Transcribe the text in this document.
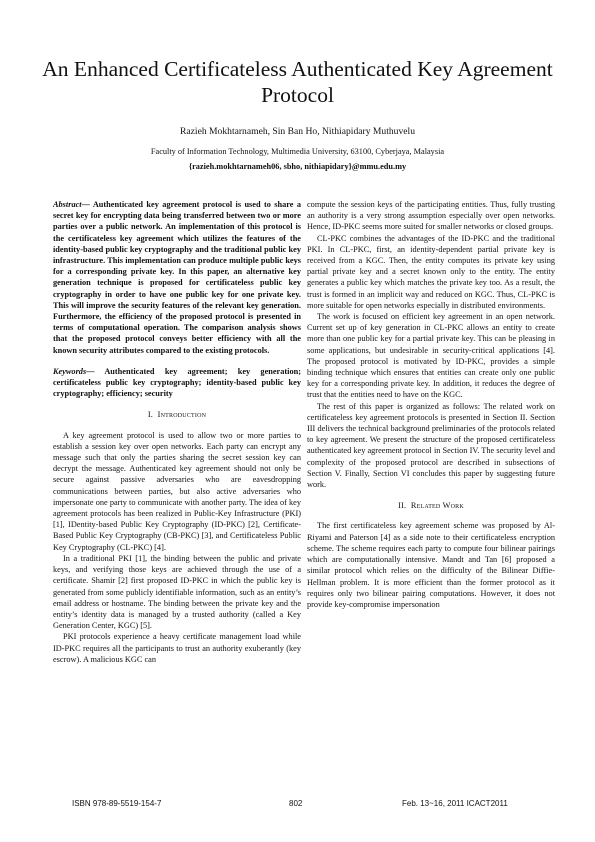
An Enhanced Certificateless Authenticated Key Agreement Protocol
Razieh Mokhtarnameh, Sin Ban Ho, Nithiapidary Muthuvelu
Faculty of Information Technology, Multimedia University, 63100, Cyberjaya, Malaysia
{razieh.mokhtarnameh06, sbho, nithiapidary}@mmu.edu.my

Abstract— Authenticated key agreement protocol is used to share a secret key for encrypting data being transferred between two or more parties over a public network. An implementation of this protocol is the certificateless key agreement which utilizes the features of the identity-based public key cryptography and the traditional public key infrastructure. This implementation can produce multiple public keys for a corresponding private key. In this paper, an alternative key generation technique is proposed for certificateless public key cryptography in order to have one public key for one private key. This will improve the security features of the relevant key generation. Furthermore, the efficiency of the proposed protocol is presented in terms of computational operation. The comparison analysis shows that the proposed protocol conveys better efficiency with all the known security attributes compared to the existing protocols.

Keywords— Authenticated key agreement; key generation; certificateless public key cryptography; identity-based public key cryptography; efficiency; security

I. Introduction

A key agreement protocol is used to allow two or more parties to establish a session key over open networks. Each party can encrypt any message such that only the parties sharing the secret session key can decrypt the message. Authenticated key agreement should not only be secure against passive adversaries who are eavesdropping communications between parties, but also active adversaries who impersonate one party to communicate with another party. The idea of key agreement protocols has been realized in Public-Key Infrastructure (PKI) [1], IDentity-based Public Key Cryptography (ID-PKC) [2], Certificate-Based Public Key Cryptography (CB-PKC) [3], and Certificateless Public Key Cryptography (CL-PKC) [4].

In a traditional PKI [1], the binding between the public and private keys, and verifying those keys are achieved through the use of a certificate. Shamir [2] first proposed ID-PKC in which the public key is generated from some publicly identifiable information, such as an entity’s email address or hostname. The binding between the private key and the entity’s identity data is managed by a trusted authority (called a Key Generation Center, KGC) [5].

PKI protocols experience a heavy certificate management load while ID-PKC requires all the participants to trust an authority exuberantly (key escrow). A malicious KGC can

compute the session keys of the participating entities. Thus, fully trusting an authority is a very strong assumption especially over open networks. Hence, ID-PKC seems more suited for smaller networks or closed groups.

CL-PKC combines the advantages of the ID-PKC and the traditional PKI. In CL-PKC, first, an identity-dependent partial private key is received from a KGC. Then, the entity computes its private key using partial private key and a secret known only to the entity. The entity generates a public key which matches the private key too. As a result, the trust is formed in an implicit way and reduced on KGC. Thus, CL-PKC is more suitable for open networks especially in distributed environments.

The work is focused on efficient key agreement in an open network. Current set up of key generation in CL-PKC allows an entity to create more than one public key for a partial private key. This can be pleasing in some applications, but undesirable in security-critical applications [4]. The proposed protocol is motivated by ID-PKC, provides a simple binding technique which ensures that entities can create only one public key for a corresponding private key. In addition, it reduces the degree of trust that the entities need to have on the KGC.

The rest of this paper is organized as follows: The related work on certificateless key agreement protocols is presented in Section II. Section III delivers the technical background preliminaries of the protocols related to key agreement. We present the structure of the proposed certificateless authenticated key agreement protocol in Section IV. The security level and complexity of the proposed protocol are described in subsections of Section V. Finally, Section VI concludes this paper by suggesting future work.

II. Related Work

The first certificateless key agreement scheme was proposed by Al-Riyami and Paterson [4] as a side note to their certificateless encryption scheme. The scheme requires each party to compute four bilinear pairings which are computationally intensive. Mandt and Tan [6] proposed a similar protocol which relies on the difficulty of the Bilinear Diffie-Hellman problem. It is more efficient than the former protocol as it requires only two bilinear pairing computations. However, it does not provide key-compromise impersonation

ISBN 978-89-5519-154-7	802	Feb. 13~16, 2011 ICACT2011
